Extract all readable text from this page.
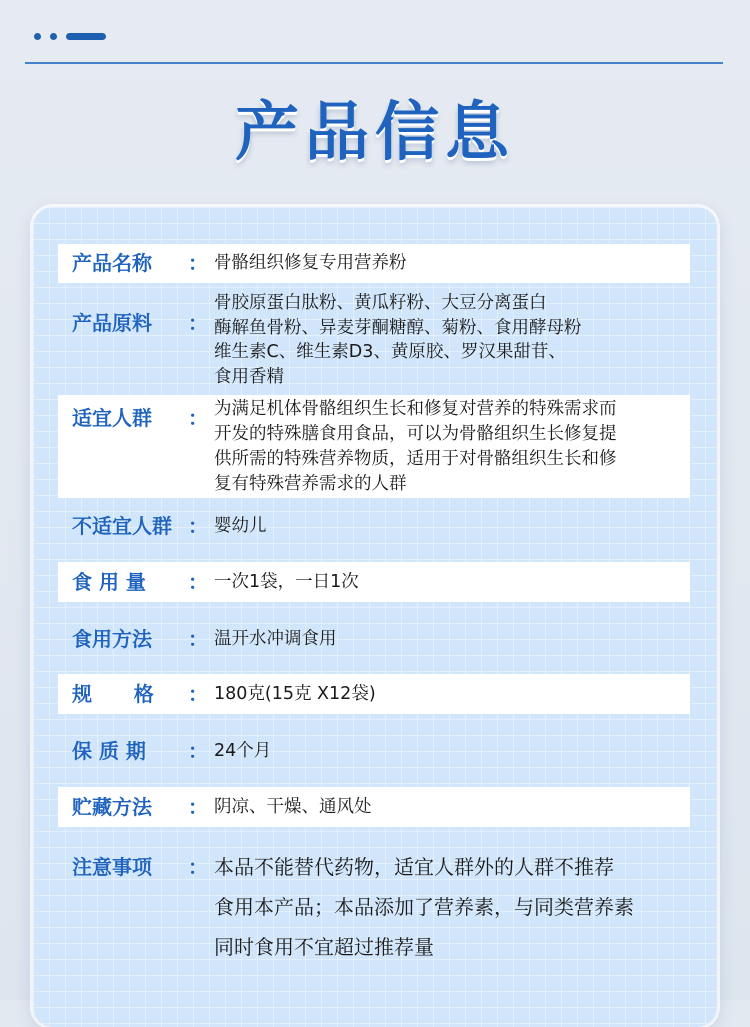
产品信息
产品名称	： 骨骼组织修复专用营养粉
产品原料	：
骨胶原蛋白肽粉、黄瓜籽粉、大豆分离蛋白
酶解鱼骨粉、异麦芽酮糖醇、菊粉、食用酵母粉
维生素C、维生素D3、黄原胶、罗汉果甜苷、
食用香精
适宜人群	： 为满足机体骨骼组织生长和修复对营养的特殊需求而
开发的特殊膳食用食品，可以为骨骼组织生长修复提
供所需的特殊营养物质，适用于对骨骼组织生长和修
复有特殊营养需求的人群
不适宜人群 ： 婴幼儿
食 用 量	： 一次1袋，一日1次
食用方法	： 温开水冲调食用
规      格	： 180克(15克 X12袋)
保 质 期	： 24个月
贮藏方法	： 阴凉、干燥、通风处
注意事项	： 本品不能替代药物，适宜人群外的人群不推荐
食用本产品；本品添加了营养素，与同类营养素
同时食用不宜超过推荐量
